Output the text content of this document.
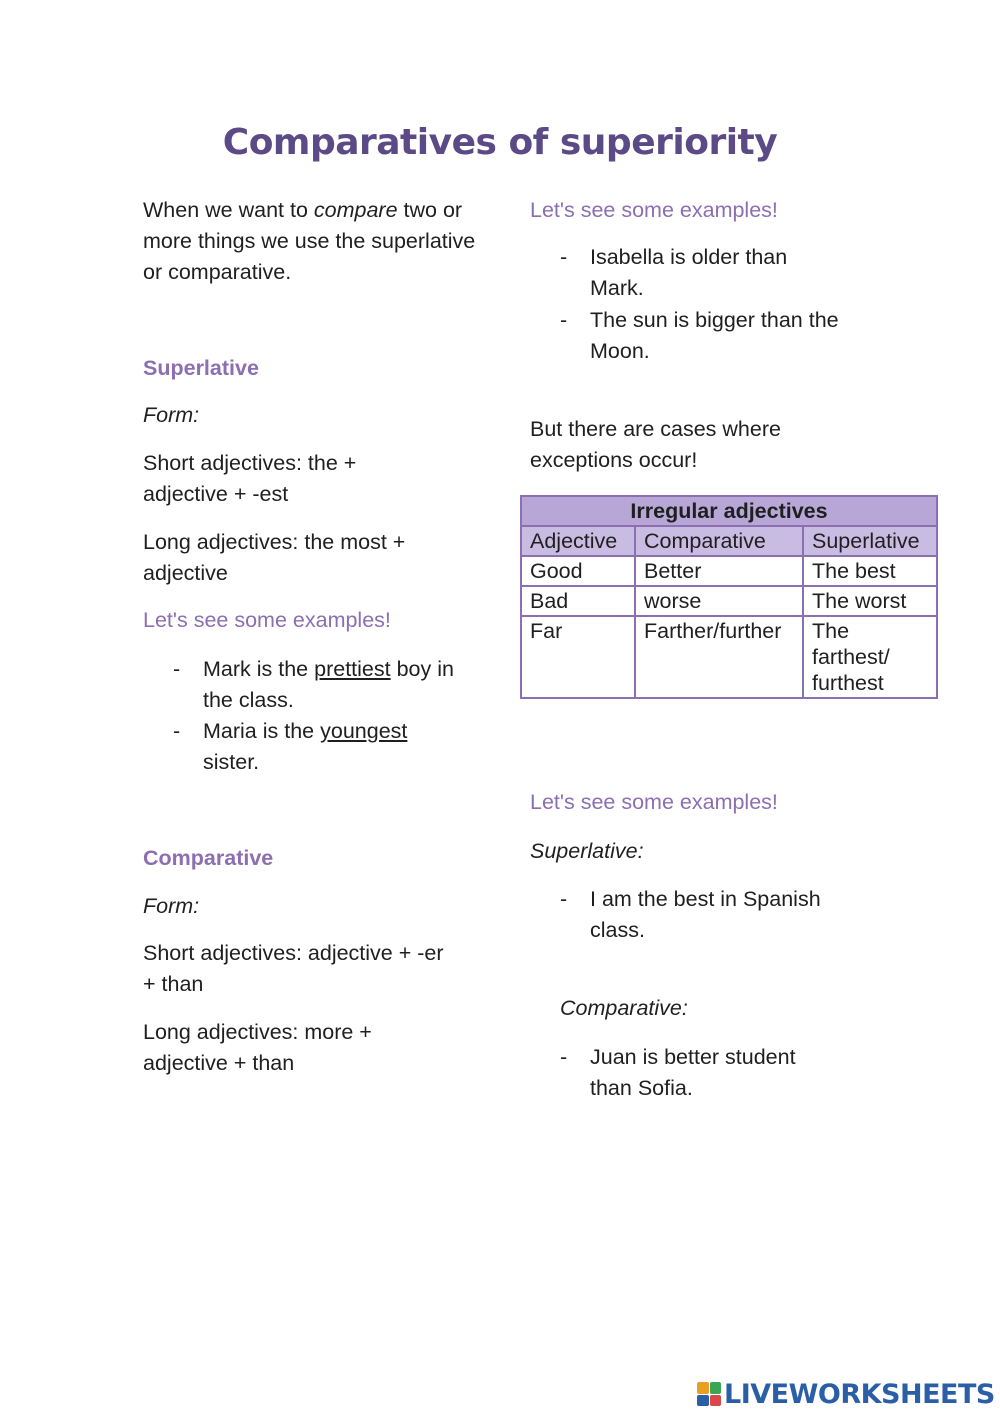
Comparatives of superiority

When we want to compare two or more things we use the superlative or comparative.

Superlative

Form:

Short adjectives: the + adjective + -est

Long adjectives: the most + adjective

Let's see some examples!

- Mark is the prettiest boy in the class.
- Maria is the youngest sister.

Comparative

Form:

Short adjectives: adjective + -er + than

Long adjectives: more + adjective + than

Let's see some examples!

- Isabella is older than Mark.
- The sun is bigger than the Moon.

But there are cases where exceptions occur!

Irregular adjectives		
Adjective	Comparative	Superlative
Good	Better	The best
Bad	worse	The worst
Far	Farther/further	The farthest/ furthest

Let's see some examples!

Superlative:

- I am the best in Spanish class.

Comparative:

- Juan is better student than Sofia.
LIVEWORKSHEETS
